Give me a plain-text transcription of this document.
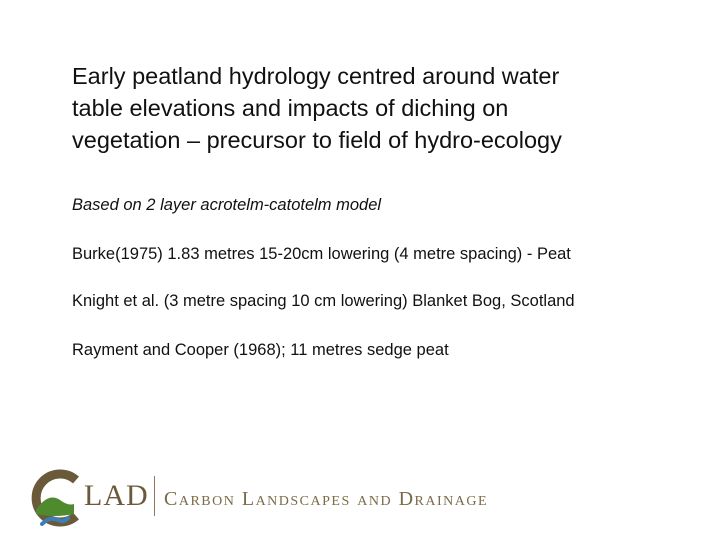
Early peatland hydrology centred around water
table elevations and impacts of diching on
vegetation – precursor to field of hydro-ecology

Based on 2 layer acrotelm-catotelm model

Burke(1975) 1.83 metres 15-20cm lowering (4 metre spacing) - Peat

Knight et al. (3 metre spacing 10 cm lowering) Blanket Bog, Scotland

Rayment and Cooper (1968); 11 metres sedge peat

LAD Carbon Landscapes and Drainage
